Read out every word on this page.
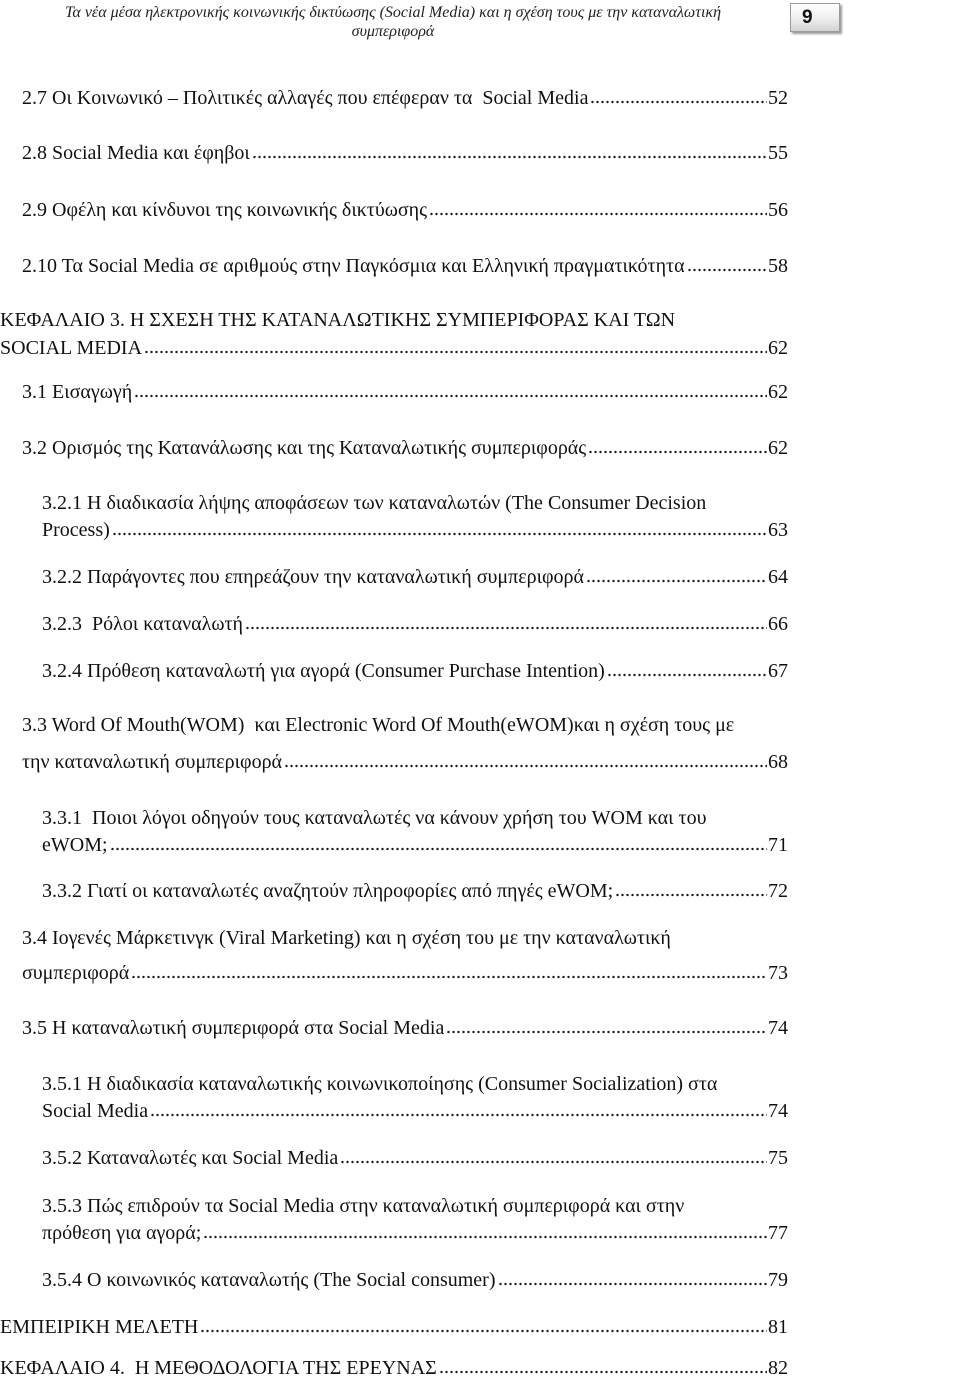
Τα νέα μέσα ηλεκτρονικής κοινωνικής δικτύωσης (Social Media) και η σχέση τους με την καταναλωτική
συμπεριφορά
9
2.7 Οι Κοινωνικό – Πολιτικές αλλαγές που επέφεραν τα  Social Media	52
2.8 Social Media και έφηβοι	55
2.9 Οφέλη και κίνδυνοι της κοινωνικής δικτύωσης	56
2.10 Τα Social Media σε αριθμούς στην Παγκόσμια και Ελληνική πραγματικότητα	58
ΚΕΦΑΛΑΙΟ 3. Η ΣΧΕΣΗ ΤΗΣ ΚΑΤΑΝΑΛΩΤΙΚΗΣ ΣΥΜΠΕΡΙΦΟΡΑΣ ΚΑΙ ΤΩΝ
SOCIAL MEDIA	62
3.1 Εισαγωγή	62
3.2 Ορισμός της Κατανάλωσης και της Καταναλωτικής συμπεριφοράς	62
3.2.1 Η διαδικασία λήψης αποφάσεων των καταναλωτών (The Consumer Decision
Process)	63
3.2.2 Παράγοντες που επηρεάζουν την καταναλωτική συμπεριφορά	64
3.2.3  Ρόλοι καταναλωτή	66
3.2.4 Πρόθεση καταναλωτή για αγορά (Consumer Purchase Intention)	67
3.3 Word Of Mouth(WOM)  και Electronic Word Of Mouth(eWOM)και η σχέση τους με
την καταναλωτική συμπεριφορά	68
3.3.1  Ποιοι λόγοι οδηγούν τους καταναλωτές να κάνουν χρήση του WOM και του
eWOM;	71
3.3.2 Γιατί οι καταναλωτές αναζητούν πληροφορίες από πηγές eWOM;	72
3.4 Ιογενές Μάρκετινγκ (Viral Marketing) και η σχέση του με την καταναλωτική
συμπεριφορά	73
3.5 Η καταναλωτική συμπεριφορά στα Social Media	74
3.5.1 Η διαδικασία καταναλωτικής κοινωνικοποίησης (Consumer Socialization) στα
Social Media	74
3.5.2 Καταναλωτές και Social Media	75
3.5.3 Πώς επιδρούν τα Social Media στην καταναλωτική συμπεριφορά και στην
πρόθεση για αγορά;	77
3.5.4 Ο κοινωνικός καταναλωτής (The Social consumer)	79
ΕΜΠΕΙΡΙΚΗ ΜΕΛΕΤΗ	81
ΚΕΦΑΛΑΙΟ 4.  Η ΜΕΘΟΔΟΛΟΓΙΑ ΤΗΣ ΕΡΕΥΝΑΣ	82
